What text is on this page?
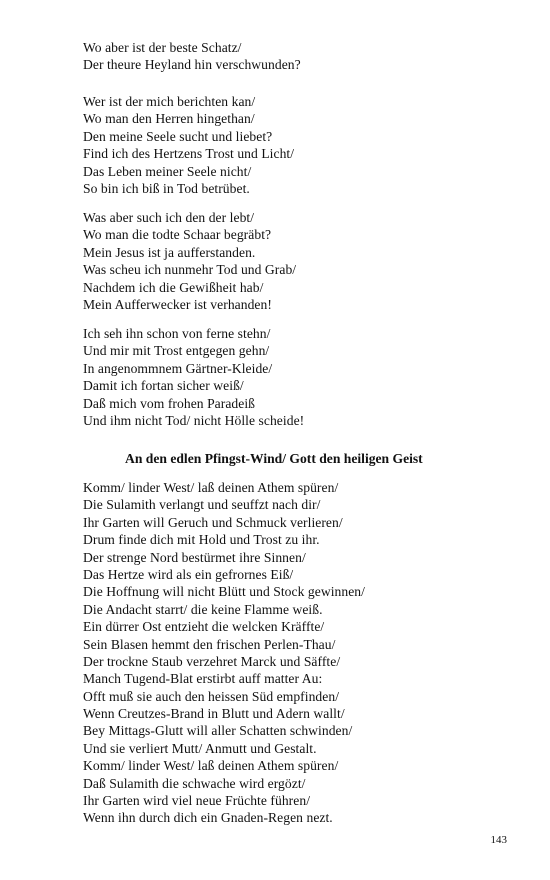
Wo aber ist der beste Schatz/
Der theure Heyland hin verschwunden?
Wer ist der mich berichten kan/
Wo man den Herren hingethan/
Den meine Seele sucht und liebet?
Find ich des Hertzens Trost und Licht/
Das Leben meiner Seele nicht/
So bin ich biß in Tod betrübet.
Was aber such ich den der lebt/
Wo man die todte Schaar begräbt?
Mein Jesus ist ja aufferstanden.
Was scheu ich nunmehr Tod und Grab/
Nachdem ich die Gewißheit hab/
Mein Aufferwecker ist verhanden!
Ich seh ihn schon von ferne stehn/
Und mir mit Trost entgegen gehn/
In angenommnem Gärtner-Kleide/
Damit ich fortan sicher weiß/
Daß mich vom frohen Paradeiß
Und ihm nicht Tod/ nicht Hölle scheide!
An den edlen Pfingst-Wind/ Gott den heiligen Geist
Komm/ linder West/ laß deinen Athem spüren/
Die Sulamith verlangt und seuffzt nach dir/
Ihr Garten will Geruch und Schmuck verlieren/
Drum finde dich mit Hold und Trost zu ihr.
Der strenge Nord bestürmet ihre Sinnen/
Das Hertze wird als ein gefrornes Eiß/
Die Hoffnung will nicht Blütt und Stock gewinnen/
Die Andacht starrt/ die keine Flamme weiß.
Ein dürrer Ost entzieht die welcken Kräffte/
Sein Blasen hemmt den frischen Perlen-Thau/
Der trockne Staub verzehret Marck und Säffte/
Manch Tugend-Blat erstirbt auff matter Au:
Offt muß sie auch den heissen Süd empfinden/
Wenn Creutzes-Brand in Blutt und Adern wallt/
Bey Mittags-Glutt will aller Schatten schwinden/
Und sie verliert Mutt/ Anmutt und Gestalt.
Komm/ linder West/ laß deinen Athem spüren/
Daß Sulamith die schwache wird ergözt/
Ihr Garten wird viel neue Früchte führen/
Wenn ihn durch dich ein Gnaden-Regen nezt.
143
